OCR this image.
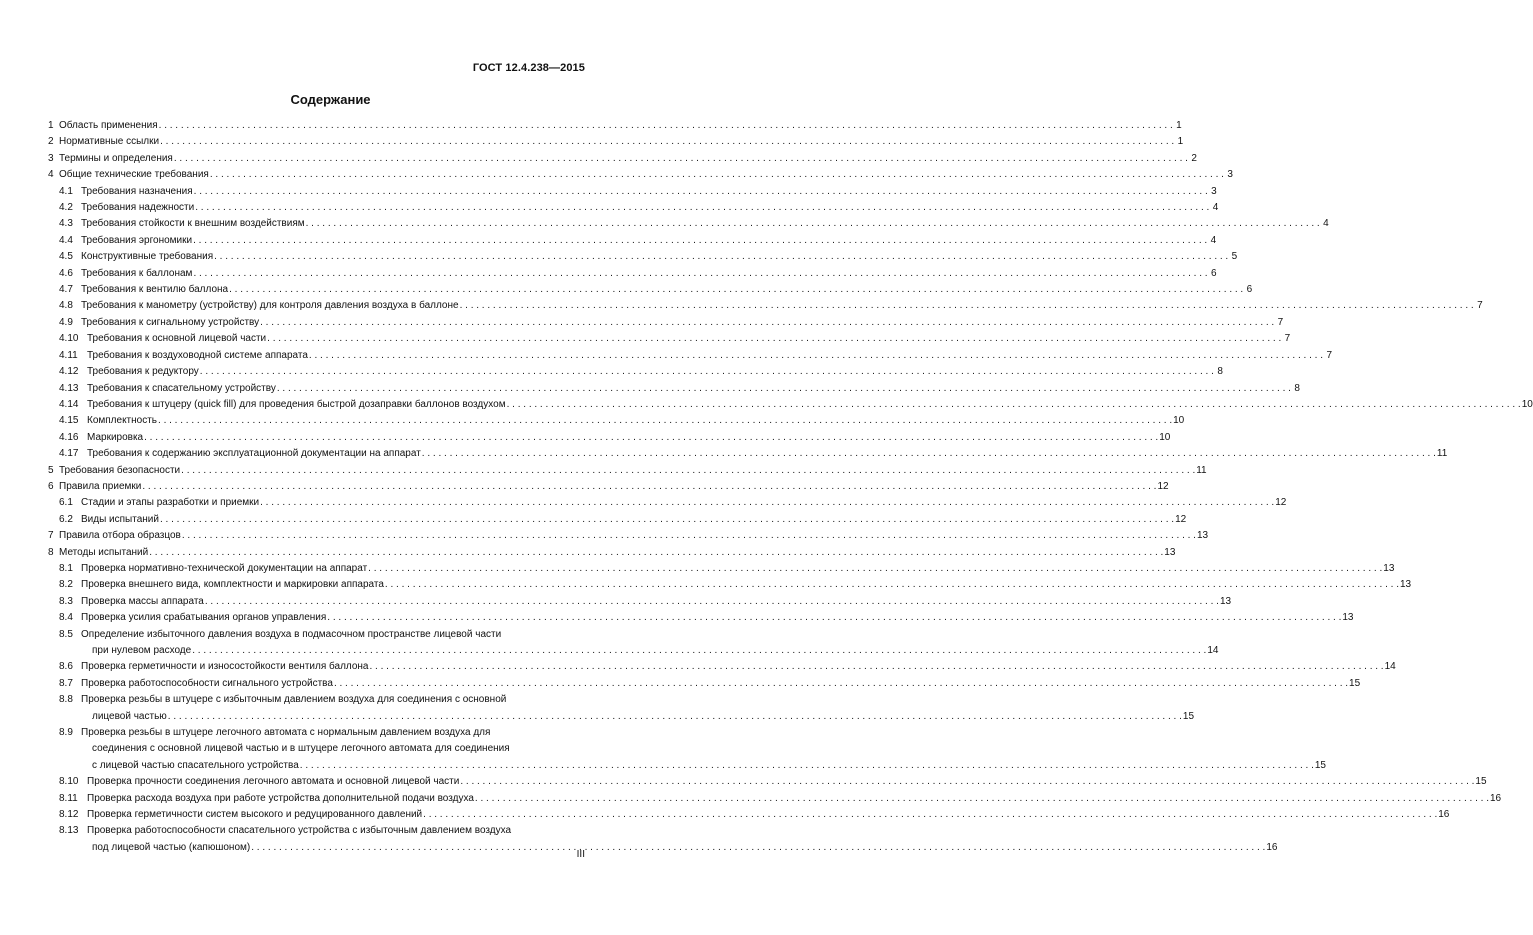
ГОСТ 12.4.238—2015
Содержание
1 Область применения . . .	1
2 Нормативные ссылки . . .	1
3 Термины и определения . . .	2
4 Общие технические требования . . .	3
4.1 Требования назначения . . .	3
4.2 Требования надежности . . .	4
4.3 Требования стойкости к внешним воздействиям . . .	4
4.4 Требования эргономики . . .	4
4.5 Конструктивные требования . . .	5
4.6 Требования к баллонам . . .	6
4.7 Требования к вентилю баллона . . .	6
4.8 Требования к манометру (устройству) для контроля давления воздуха в баллоне . . .	7
4.9 Требования к сигнальному устройству . . .	7
4.10 Требования к основной лицевой части . . .	7
4.11 Требования к воздуховодной системе аппарата . . .	7
4.12 Требования к редуктору . . .	8
4.13 Требования к спасательному устройству . . .	8
4.14 Требования к штуцеру (quick fill) для проведения быстрой дозаправки баллонов воздухом . . .	10
4.15 Комплектность . . .	10
4.16 Маркировка . . .	10
4.17 Требования к содержанию эксплуатационной документации на аппарат . . .	11
5 Требования безопасности . . .	11
6 Правила приемки . . .	12
6.1 Стадии и этапы разработки и приемки . . .	12
6.2 Виды испытаний . . .	12
7 Правила отбора образцов . . .	13
8 Методы испытаний . . .	13
8.1 Проверка нормативно-технической документации на аппарат . . .	13
8.2 Проверка внешнего вида, комплектности и маркировки аппарата . . .	13
8.3 Проверка массы аппарата . . .	13
8.4 Проверка усилия срабатывания органов управления . . .	13
8.5 Определение избыточного давления воздуха в подмасочном пространстве лицевой части
при нулевом расходе . . .	14
8.6 Проверка герметичности и износостойкости вентиля баллона . . .	14
8.7 Проверка работоспособности сигнального устройства . . .	15
8.8 Проверка резьбы в штуцере с избыточным давлением воздуха для соединения с основной
лицевой частью . . .	15
8.9 Проверка резьбы в штуцере легочного автомата с нормальным давлением воздуха для
соединения с основной лицевой частью и в штуцере легочного автомата для соединения
с лицевой частью спасательного устройства . . .	15
8.10 Проверка прочности соединения легочного автомата и основной лицевой части . . .	15
8.11 Проверка расхода воздуха при работе устройства дополнительной подачи воздуха . . .	16
8.12 Проверка герметичности систем высокого и редуцированного давлений . . .	16
8.13 Проверка работоспособности спасательного устройства с избыточным давлением воздуха
под лицевой частью (капюшоном) . . .	16
III
